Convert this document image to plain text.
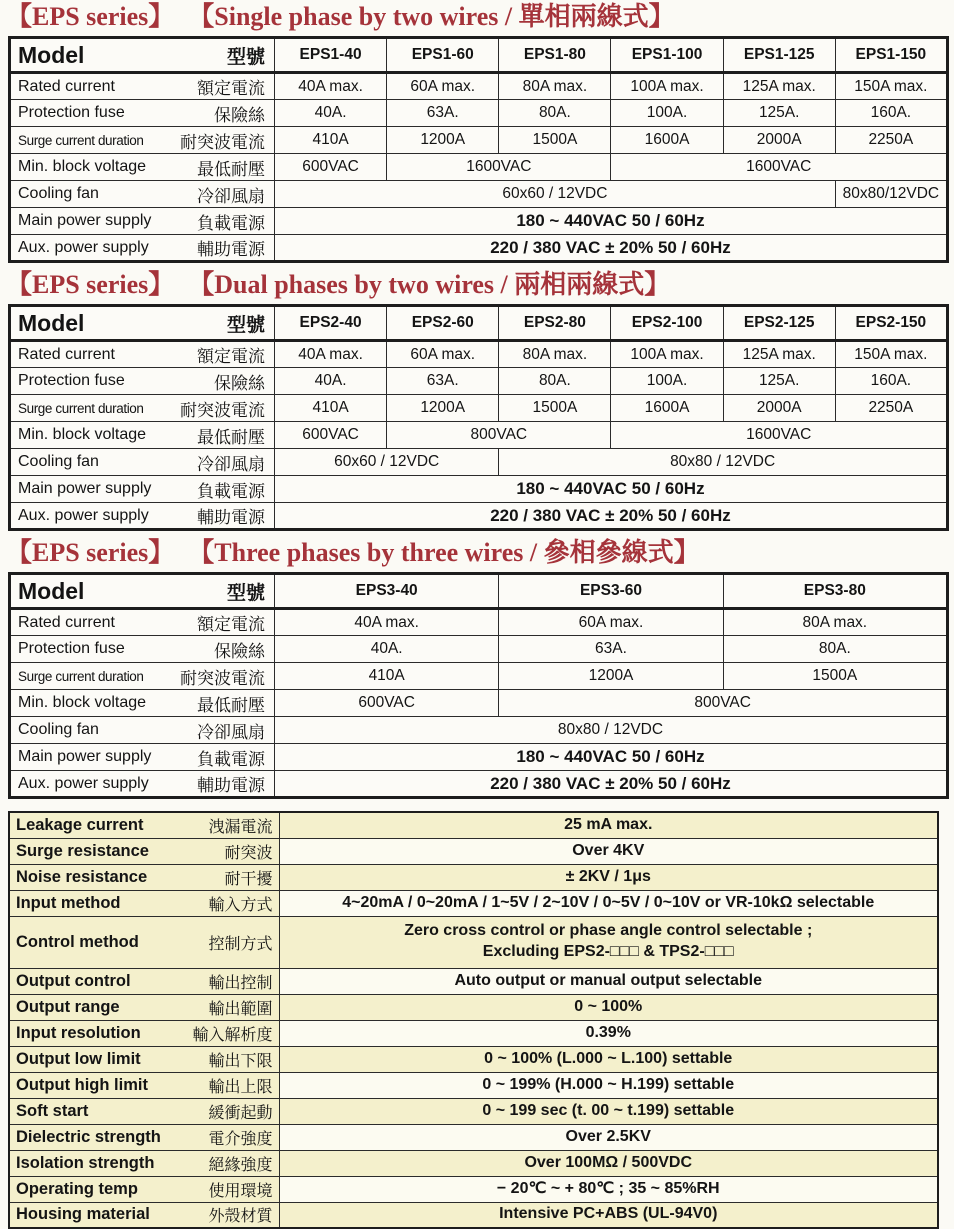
【EPS series】 【Single phase by two wires / 單相兩線式】
Model 型號	EPS1-40	EPS1-60	EPS1-80	EPS1-100	EPS1-125	EPS1-150

Rated current 額定電流	40A max.	60A max.	80A max.	100A max.	125A max.	150A max.

Protection fuse 保險絲	40A.	63A.	80A.	100A.	125A.	160A.

Surge current duration 耐突波電流	410A	1200A	1500A	1600A	2000A	2250A

Min. block voltage 最低耐壓	600VAC	1600VAC		1600VAC		

Cooling fan 冷卻風扇	60x60 / 12VDC					80x80/12VDC

Main power supply 負載電源	180 ~ 440VAC 50 / 60Hz					

Aux. power supply 輔助電源	220 / 380 VAC ± 20% 50 / 60Hz					
【EPS series】 【Dual phases by two wires / 兩相兩線式】
Model 型號	EPS2-40	EPS2-60	EPS2-80	EPS2-100	EPS2-125	EPS2-150

Rated current 額定電流	40A max.	60A max.	80A max.	100A max.	125A max.	150A max.

Protection fuse 保險絲	40A.	63A.	80A.	100A.	125A.	160A.

Surge current duration 耐突波電流	410A	1200A	1500A	1600A	2000A	2250A

Min. block voltage 最低耐壓	600VAC	800VAC		1600VAC		

Cooling fan 冷卻風扇	60x60 / 12VDC		80x80 / 12VDC			

Main power supply 負載電源	180 ~ 440VAC 50 / 60Hz					

Aux. power supply 輔助電源	220 / 380 VAC ± 20% 50 / 60Hz					
【EPS series】 【Three phases by three wires / 參相參線式】
Model 型號	EPS3-40	EPS3-60	EPS3-80

Rated current 額定電流	40A max.	60A max.	80A max.

Protection fuse 保險絲	40A.	63A.	80A.

Surge current duration 耐突波電流	410A	1200A	1500A

Min. block voltage 最低耐壓	600VAC	800VAC	

Cooling fan 冷卻風扇	80x80 / 12VDC		

Main power supply 負載電源	180 ~ 440VAC 50 / 60Hz		

Aux. power supply 輔助電源	220 / 380 VAC ± 20% 50 / 60Hz		
Leakage current 洩漏電流	25 mA max.

Surge resistance 耐突波	Over 4KV

Noise resistance 耐干擾	± 2KV / 1μs

Input method 輸入方式	4~20mA / 0~20mA / 1~5V / 2~10V / 0~5V / 0~10V or VR-10kΩ selectable

Control method	控制方式

Zero cross control or phase angle control selectable ;
Excluding EPS2-□□□ & TPS2-□□□

Output control 輸出控制	Auto output or manual output selectable

Output range 輸出範圍	0 ~ 100%

Input resolution 輸入解析度	0.39%

Output low limit 輸出下限	0 ~ 100% (L.000 ~ L.100) settable

Output high limit 輸出上限	0 ~ 199% (H.000 ~ H.199) settable

Soft start 緩衝起動	0 ~ 199 sec (t. 00 ~ t.199) settable

Dielectric strength 電介強度	Over 2.5KV

Isolation strength 絕緣強度	Over 100MΩ / 500VDC

Operating temp 使用環境	− 20℃ ~ + 80℃ ; 35 ~ 85%RH

Housing material 外殼材質	Intensive PC+ABS (UL-94V0)
